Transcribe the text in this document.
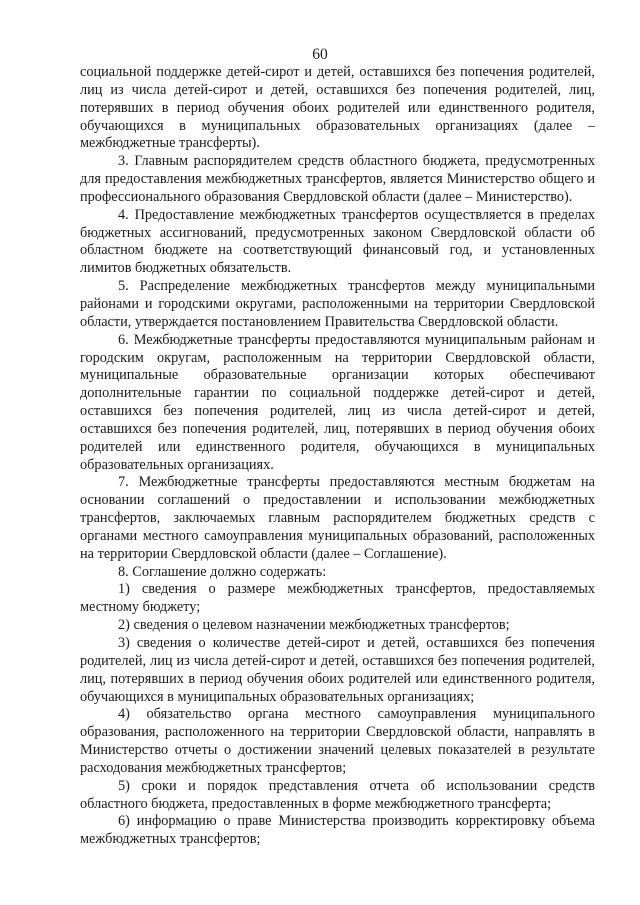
60

социальной поддержке детей-сирот и детей, оставшихся без попечения родителей, лиц из числа детей-сирот и детей, оставшихся без попечения родителей, лиц, потерявших в период обучения обоих родителей или единственного родителя, обучающихся в муниципальных образовательных организациях (далее – межбюджетные трансферты).

3. Главным распорядителем средств областного бюджета, предусмотренных для предоставления межбюджетных трансфертов, является Министерство общего и профессионального образования Свердловской области (далее – Министерство).

4. Предоставление межбюджетных трансфертов осуществляется в пределах бюджетных ассигнований, предусмотренных законом Свердловской области об областном бюджете на соответствующий финансовый год, и установленных лимитов бюджетных обязательств.

5. Распределение межбюджетных трансфертов между муниципальными районами и городскими округами, расположенными на территории Свердловской области, утверждается постановлением Правительства Свердловской области.

6. Межбюджетные трансферты предоставляются муниципальным районам и городским округам, расположенным на территории Свердловской области, муниципальные образовательные организации которых обеспечивают дополнительные гарантии по социальной поддержке детей-сирот и детей, оставшихся без попечения родителей, лиц из числа детей-сирот и детей, оставшихся без попечения родителей, лиц, потерявших в период обучения обоих родителей или единственного родителя, обучающихся в муниципальных образовательных организациях.

7. Межбюджетные трансферты предоставляются местным бюджетам на основании соглашений о предоставлении и использовании межбюджетных трансфертов, заключаемых главным распорядителем бюджетных средств с органами местного самоуправления муниципальных образований, расположенных на территории Свердловской области (далее – Соглашение).

8. Соглашение должно содержать:

1) сведения о размере межбюджетных трансфертов, предоставляемых местному бюджету;

2) сведения о целевом назначении межбюджетных трансфертов;

3) сведения о количестве детей-сирот и детей, оставшихся без попечения родителей, лиц из числа детей-сирот и детей, оставшихся без попечения родителей, лиц, потерявших в период обучения обоих родителей или единственного родителя, обучающихся в муниципальных образовательных организациях;

4) обязательство органа местного самоуправления муниципального образования, расположенного на территории Свердловской области, направлять в Министерство отчеты о достижении значений целевых показателей в результате расходования межбюджетных трансфертов;

5) сроки и порядок представления отчета об использовании средств областного бюджета, предоставленных в форме межбюджетного трансферта;

6) информацию о праве Министерства производить корректировку объема межбюджетных трансфертов;
